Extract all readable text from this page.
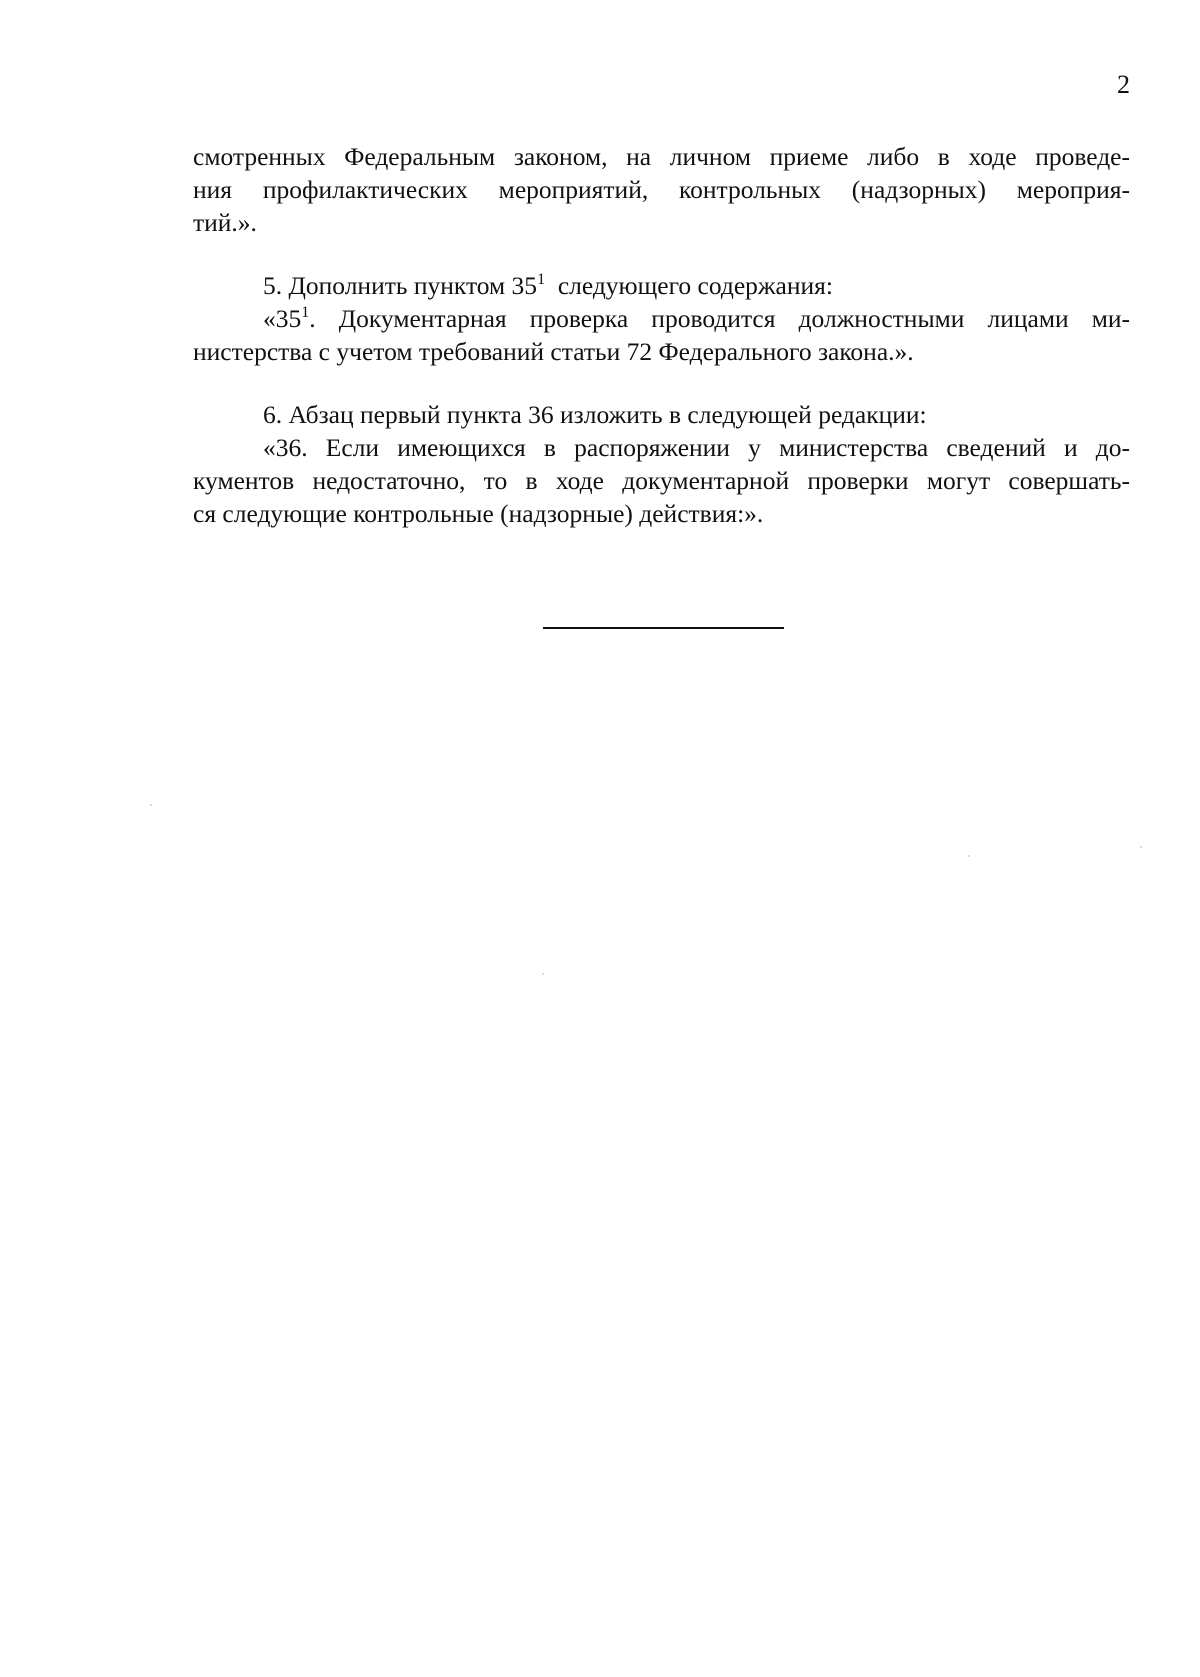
2
смотренных Федеральным законом, на личном приеме либо в ходе проведе-
ния профилактических мероприятий, контрольных (надзорных) мероприя-
тий.».
5. Дополнить пунктом $35^1$  следующего содержания:
«$35^1$. Документарная проверка проводится должностными лицами ми-
нистерства с учетом требований статьи 72 Федерального закона.».
6. Абзац первый пункта 36 изложить в следующей редакции:
«36. Если имеющихся в распоряжении у министерства сведений и до-
кументов недостаточно, то в ходе документарной проверки могут совершать-
ся следующие контрольные (надзорные) действия:».
